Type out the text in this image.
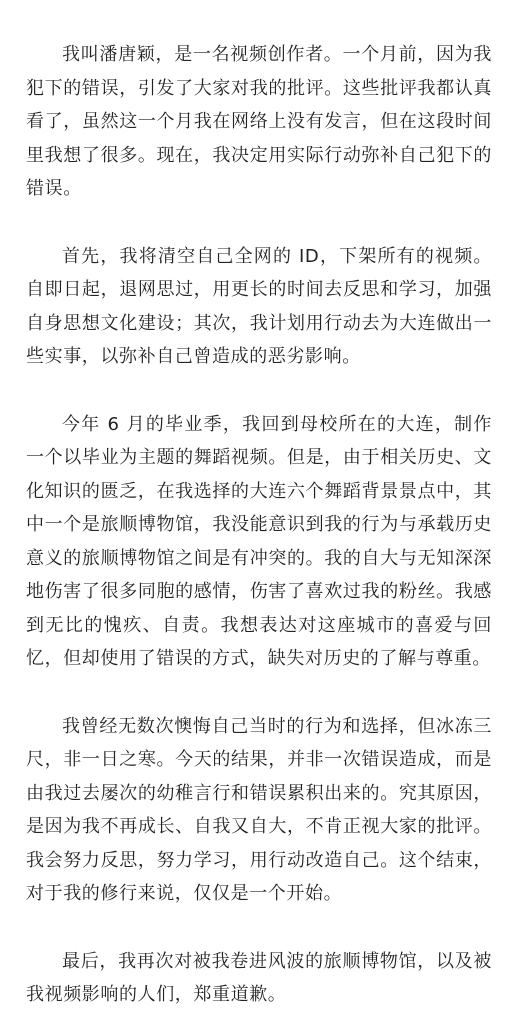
我叫潘唐颖，是一名视频创作者。一个月前，因为我犯下的错误，引发了大家对我的批评。这些批评我都认真看了，虽然这一个月我在网络上没有发言，但在这段时间里我想了很多。现在，我决定用实际行动弥补自己犯下的错误。

首先，我将清空自己全网的 ID，下架所有的视频。自即日起，退网思过，用更长的时间去反思和学习，加强自身思想文化建设；其次，我计划用行动去为大连做出一些实事，以弥补自己曾造成的恶劣影响。

今年 6 月的毕业季，我回到母校所在的大连，制作一个以毕业为主题的舞蹈视频。但是，由于相关历史、文化知识的匮乏，在我选择的大连六个舞蹈背景景点中，其中一个是旅顺博物馆，我没能意识到我的行为与承载历史意义的旅顺博物馆之间是有冲突的。我的自大与无知深深地伤害了很多同胞的感情，伤害了喜欢过我的粉丝。我感到无比的愧疚、自责。我想表达对这座城市的喜爱与回忆，但却使用了错误的方式，缺失对历史的了解与尊重。

我曾经无数次懊悔自己当时的行为和选择，但冰冻三尺，非一日之寒。今天的结果，并非一次错误造成，而是由我过去屡次的幼稚言行和错误累积出来的。究其原因，是因为我不再成长、自我又自大，不肯正视大家的批评。我会努力反思，努力学习，用行动改造自己。这个结束，对于我的修行来说，仅仅是一个开始。

最后，我再次对被我卷进风波的旅顺博物馆，以及被我视频影响的人们，郑重道歉。
